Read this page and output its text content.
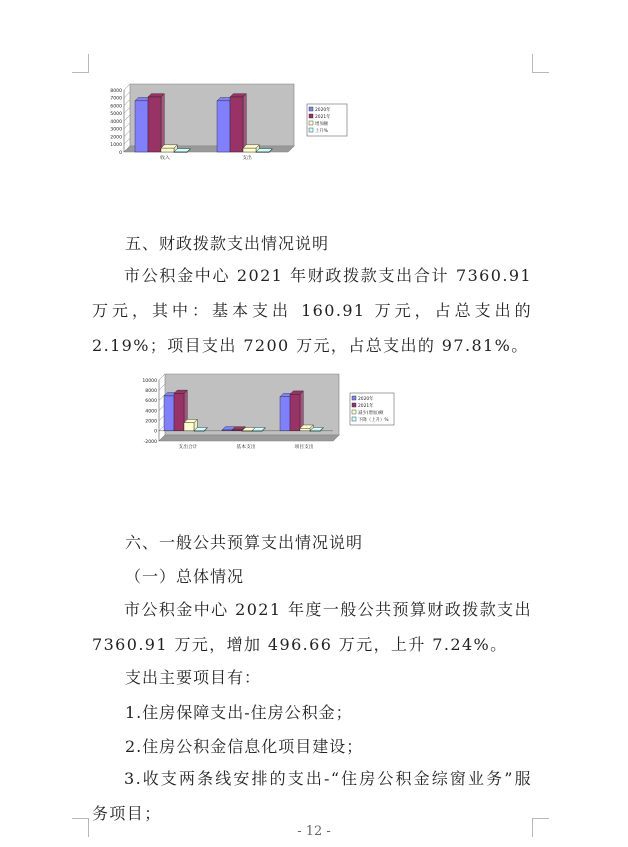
0
1000
2000
3000
4000
5000
6000
7000
8000
收入	支出
2020年
2021年
增加额
上升%
五、财政拨款支出情况说明

市公积金中心 2021 年财政拨款支出合计 7360.91 万元，其中：基本支出 160.91 万元，占总支出的 2.19%；项目支出 7200 万元，占总支出的 97.81%。

-2000
0
2000
4000
6000
8000
10000
支出合计	基本支出	项目支出
2020年
2021年
减少(增加)额
下降（上升）%
六、一般公共预算支出情况说明
（一）总体情况

市公积金中心 2021 年度一般公共预算财政拨款支出 7360.91 万元，增加 496.66 万元，上升 7.24%。

支出主要项目有：
1.住房保障支出-住房公积金；
2.住房公积金信息化项目建设；

3.收支两条线安排的支出-“住房公积金综窗业务”服务项目；

- 12 -
